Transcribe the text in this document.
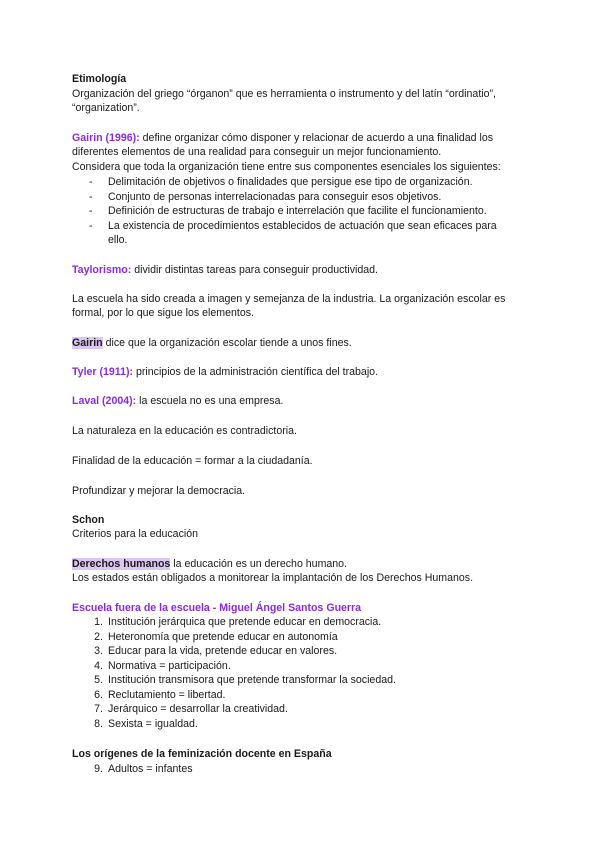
Etimología
Organización del griego “órganon” que es herramienta o instrumento y del latín “ordinatio”,
“organization”.
Gairin (1996): define organizar cómo disponer y relacionar de acuerdo a una finalidad los
diferentes elementos de una realidad para conseguir un mejor funcionamiento.
Considera que toda la organización tiene entre sus componentes esenciales los siguientes:
- Delimitación de objetivos o finalidades que persigue ese tipo de organización.
- Conjunto de personas interrelacionadas para conseguir esos objetivos.
- Definición de estructuras de trabajo e interrelación que facilite el funcionamiento.
- La existencia de procedimientos establecidos de actuación que sean eficaces para
ello.
Taylorismo: dividir distintas tareas para conseguir productividad.
La escuela ha sido creada a imagen y semejanza de la industria. La organización escolar es
formal, por lo que sigue los elementos.
Gairin dice que la organización escolar tiende a unos fines.
Tyler (1911): principios de la administración científica del trabajo.
Laval (2004): la escuela no es una empresa.
La naturaleza en la educación es contradictoria.
Finalidad de la educación = formar a la ciudadanía.
Profundizar y mejorar la democracia.
Schon
Criterios para la educación
Derechos humanos la educación es un derecho humano.
Los estados están obligados a monitorear la implantación de los Derechos Humanos.
Escuela fuera de la escuela - Miguel Ángel Santos Guerra
1. Institución jerárquica que pretende educar en democracia.
2. Heteronomía que pretende educar en autonomía
3. Educar para la vida, pretende educar en valores.
4. Normativa = participación.
5. Institución transmisora que pretende transformar la sociedad.
6. Reclutamiento = libertad.
7. Jerárquico = desarrollar la creatividad.
8. Sexista = igualdad.
Los orígenes de la feminización docente en España
9. Adultos = infantes
